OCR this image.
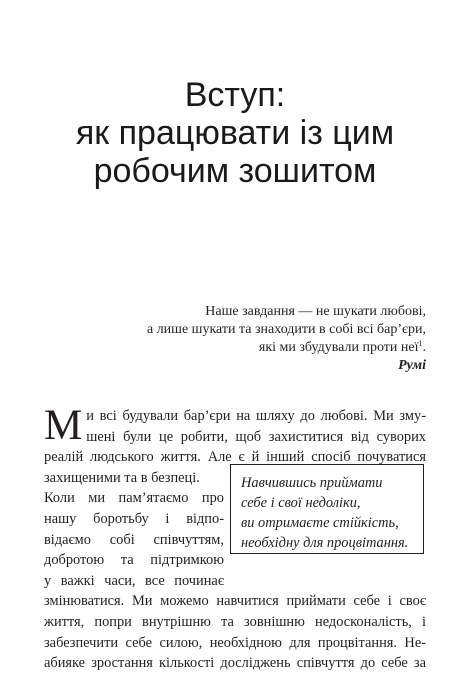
Вступ:
як працювати із цим
робочим зошитом
Наше завдання — не шукати любові,
а лише шукати та знаходити в собі всі бар’єри,
які ми збудували проти неї$^1$.
Румі
М и всі будували бар’єри на шляху до любові. Ми зму-
шені були це робити, щоб захиститися від суворих
реалій людського життя. Але є й інший спосіб почуватися
захищеними та в безпеці.
Коли ми пам’ятаємо про
нашу боротьбу і відпо-
відаємо собі співчуттям,
добротою та підтримкою
у важкі часи, все починає
змінюватися. Ми можемо навчитися приймати себе і своє
життя, попри внутрішню та зовнішню недосконалість, і
забезпечити себе силою, необхідною для процвітання. Не-
абияке зростання кількості досліджень співчуття до себе за
Навчившись приймати
себе і свої недоліки,
ви отримаєте стійкість,
необхідну для процвітання.
